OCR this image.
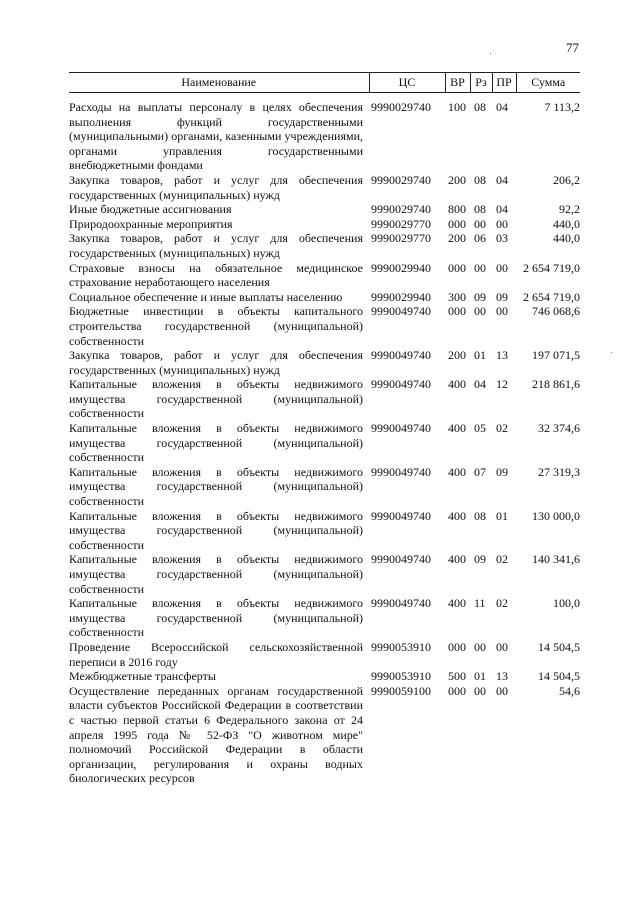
77
Наименование	ЦС	ВР	Рз	ПР	Сумма
Расходы на выплаты персоналу в целях обеспечения выполнения функций государственными (муниципальными) органами, казенными учреждениями, органами управления государственными внебюджетными фондами	9990029740	100	08	04	7 113,2
Закупка товаров, работ и услуг для обеспечения государственных (муниципальных) нужд	9990029740	200	08	04	206,2
Иные бюджетные ассигнования	9990029740	800	08	04	92,2
Природоохранные мероприятия	9990029770	000	00	00	440,0
Закупка товаров, работ и услуг для обеспечения государственных (муниципальных) нужд	9990029770	200	06	03	440,0
Страховые взносы на обязательное медицинское страхование неработающего населения	9990029940	000	00	00	2 654 719,0
Социальное обеспечение и иные выплаты населению	9990029940	300	09	09	2 654 719,0
Бюджетные инвестиции в объекты капитального строительства государственной (муниципальной) собственности	9990049740	000	00	00	746 068,6
Закупка товаров, работ и услуг для обеспечения государственных (муниципальных) нужд	9990049740	200	01	13	197 071,5
Капитальные вложения в объекты недвижимого имущества государственной (муниципальной) собственности	9990049740	400	04	12	218 861,6
Капитальные вложения в объекты недвижимого имущества государственной (муниципальной) собственности	9990049740	400	05	02	32 374,6
Капитальные вложения в объекты недвижимого имущества государственной (муниципальной) собственности	9990049740	400	07	09	27 319,3
Капитальные вложения в объекты недвижимого имущества государственной (муниципальной) собственности	9990049740	400	08	01	130 000,0
Капитальные вложения в объекты недвижимого имущества государственной (муниципальной) собственности	9990049740	400	09	02	140 341,6
Капитальные вложения в объекты недвижимого имущества государственной (муниципальной) собственности	9990049740	400	11	02	100,0
Проведение Всероссийской сельскохозяйственной переписи в 2016 году	9990053910	000	00	00	14 504,5
Межбюджетные трансферты	9990053910	500	01	13	14 504,5
Осуществление переданных органам государственной власти субъектов Российской Федерации в соответствии с частью первой статьи 6 Федерального закона от 24 апреля 1995 года № 52-ФЗ "О животном мире" полномочий Российской Федерации в области организации, регулирования и охраны водных биологических ресурсов	9990059100	000	00	00	54,6
